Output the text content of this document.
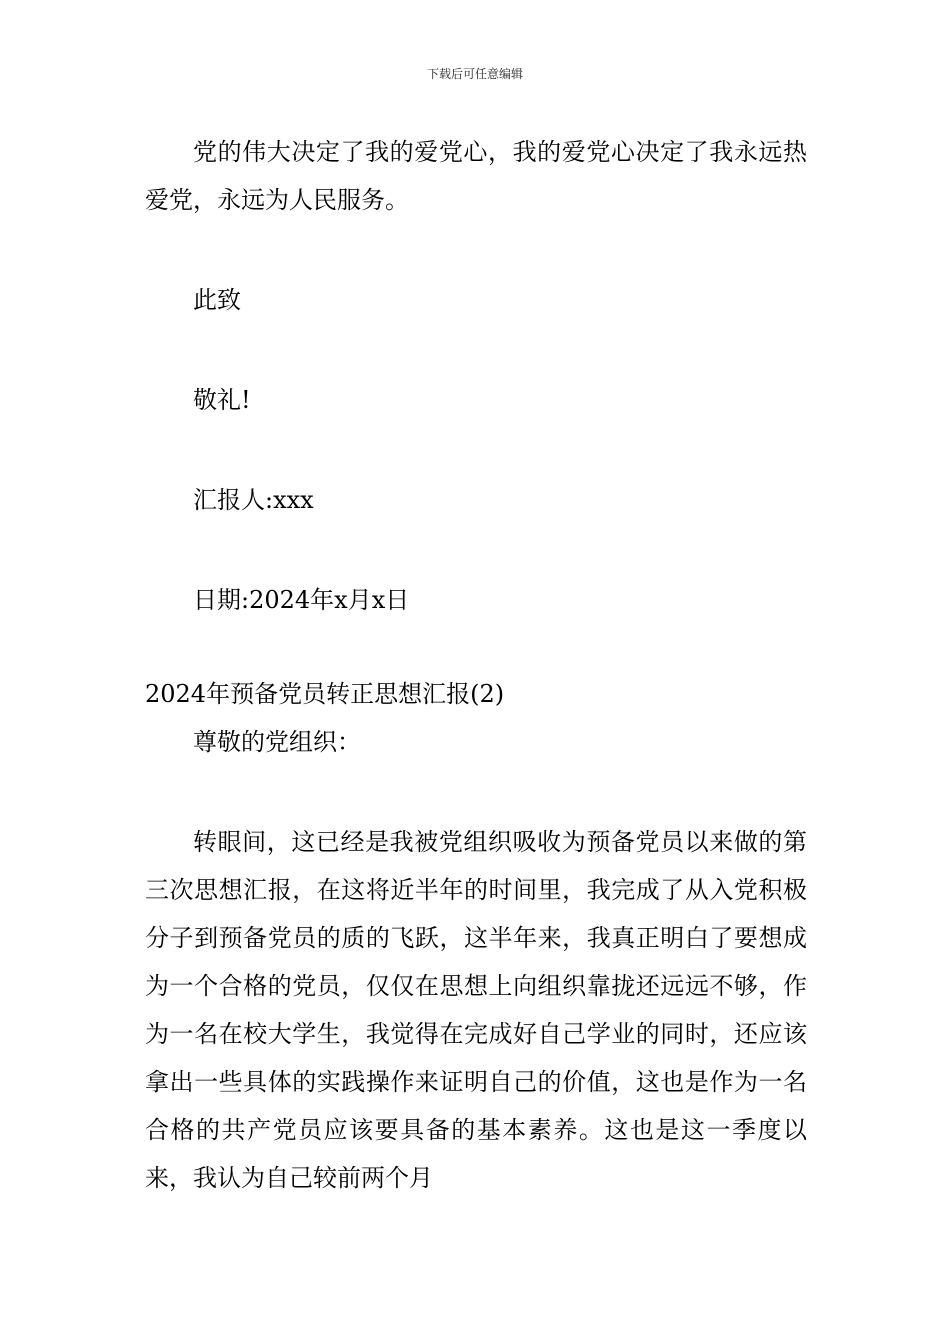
下载后可任意编辑

党的伟大决定了我的爱党心，我的爱党心决定了我永远热爱党，永远为人民服务。

此致

敬礼!

汇报人:xxx

日期:2024年x月x日

2024年预备党员转正思想汇报(2)

尊敬的党组织：

转眼间，这已经是我被党组织吸收为预备党员以来做的第三次思想汇报，在这将近半年的时间里，我完成了从入党积极分子到预备党员的质的飞跃，这半年来，我真正明白了要想成为一个合格的党员，仅仅在思想上向组织靠拢还远远不够，作为一名在校大学生，我觉得在完成好自己学业的同时，还应该拿出一些具体的实践操作来证明自己的价值，这也是作为一名合格的共产党员应该要具备的基本素养。这也是这一季度以来，我认为自己较前两个月
